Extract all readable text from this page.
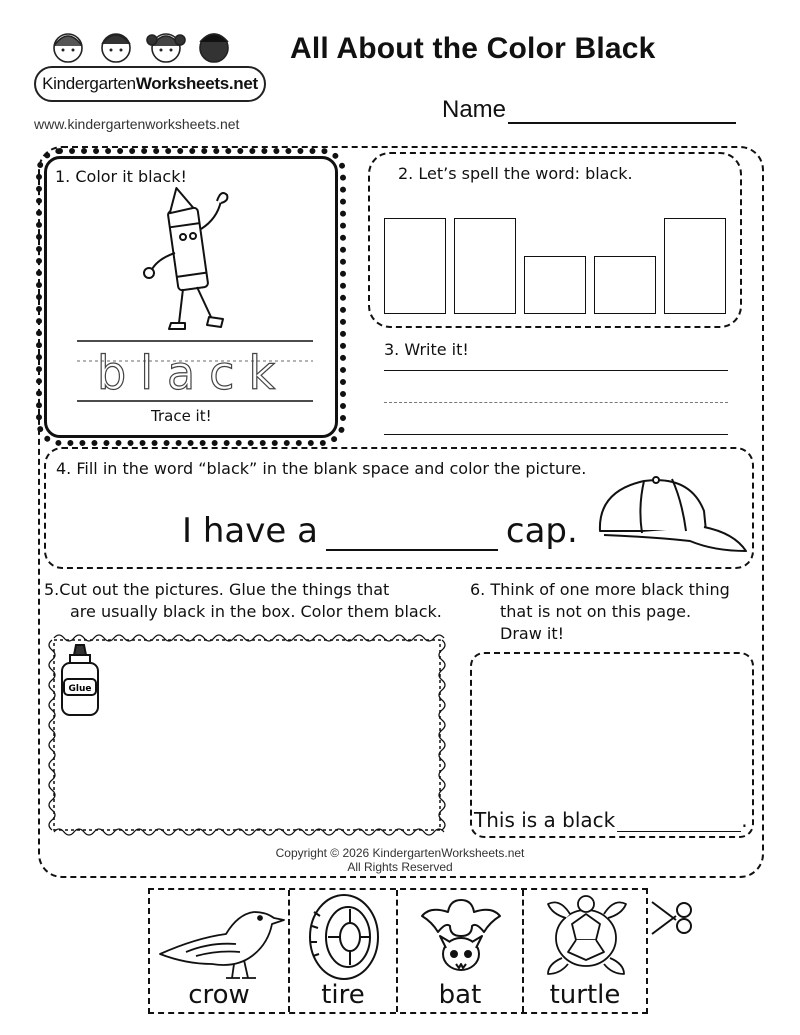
Kindergarten Worksheets.net
www.kindergartenworksheets.net
All About the Color Black
Name
1. Color it black!
black
Trace it!
2. Let’s spell the word: black.
3. Write it!
4. Fill in the word “black” in the blank space and color the picture.
I have a	cap.
5.Cut out the pictures. Glue the things that
are usually black in the box. Color them black.
Glue
6. Think of one more black thing
that is not on this page.
Draw it!
This is a black	.
Copyright © 2026 KindergartenWorksheets.net
All Rights Reserved
crow	tire	bat	turtle
